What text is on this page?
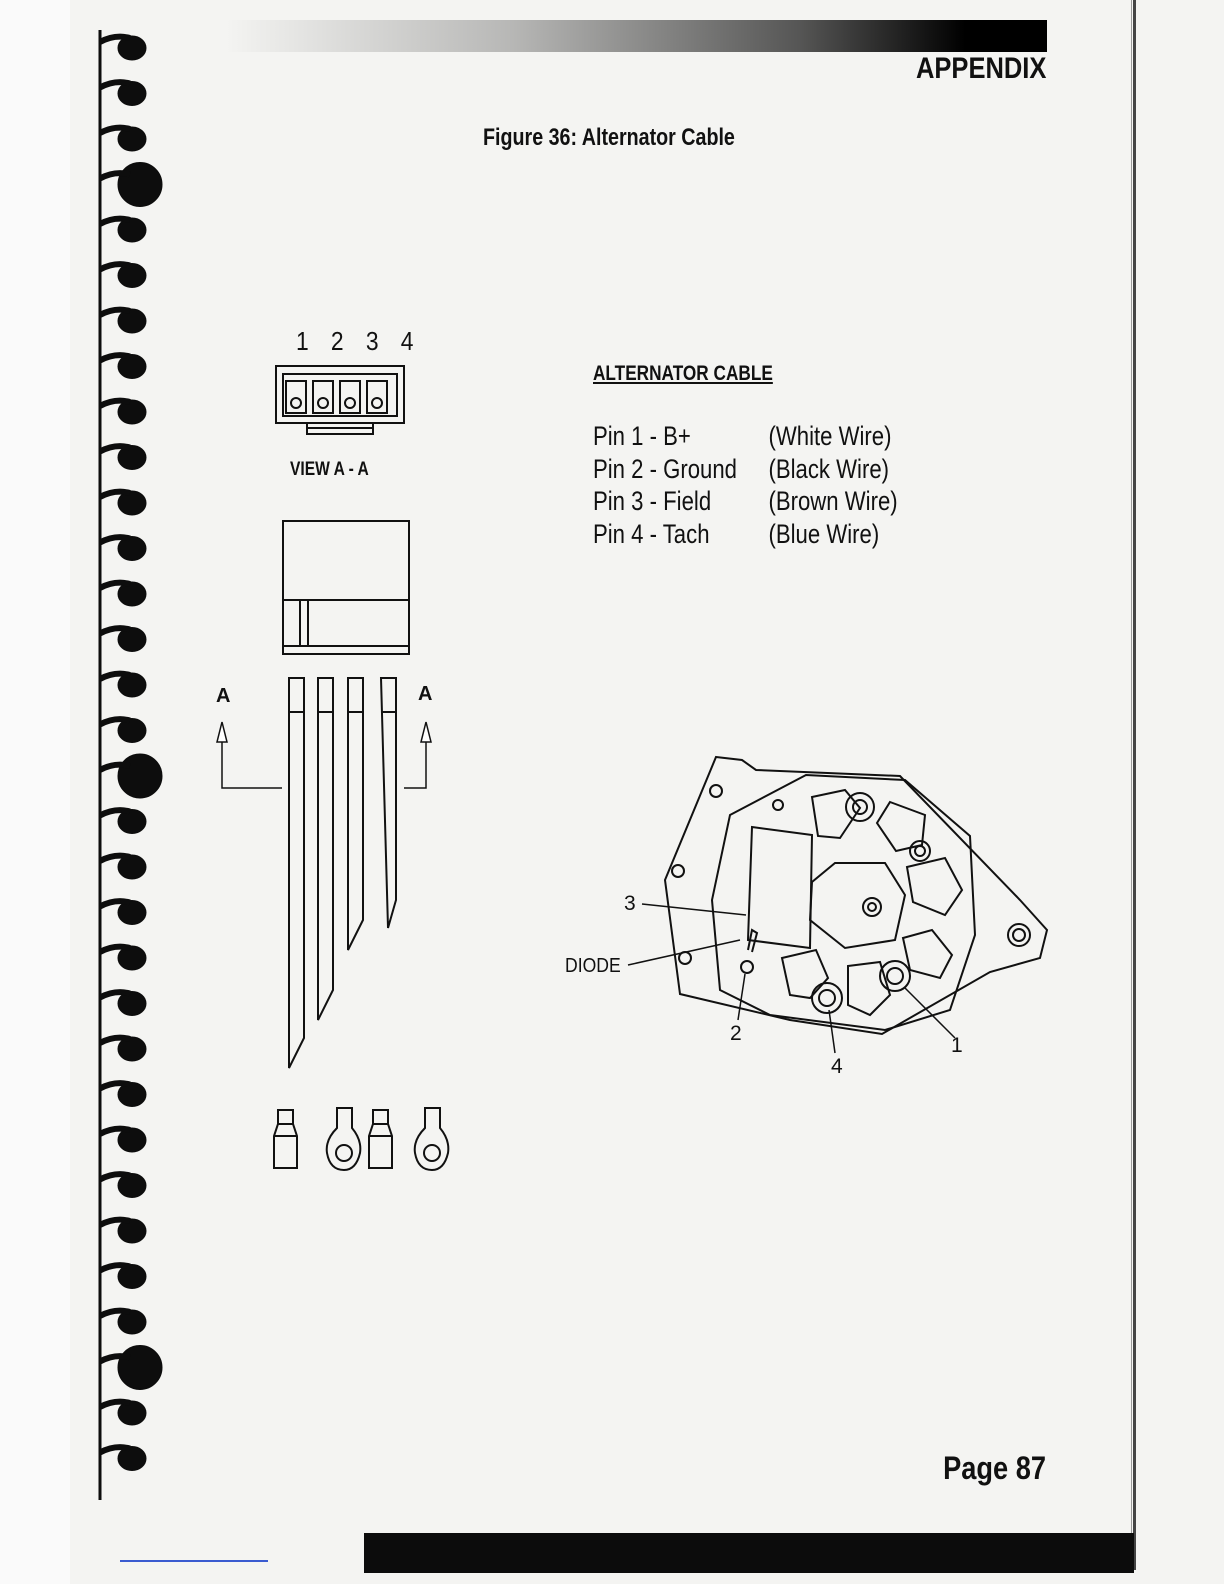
APPENDIX
Figure 36: Alternator Cable
A	A
3
DIODE
2
4
1
1 2 3 4
VIEW A - A
ALTERNATOR CABLE
Pin 1 - B+	(White Wire)
Pin 2 - Ground	(Black Wire)
Pin 3 - Field	(Brown Wire)
Pin 4 - Tach	(Blue Wire)
Page 87
